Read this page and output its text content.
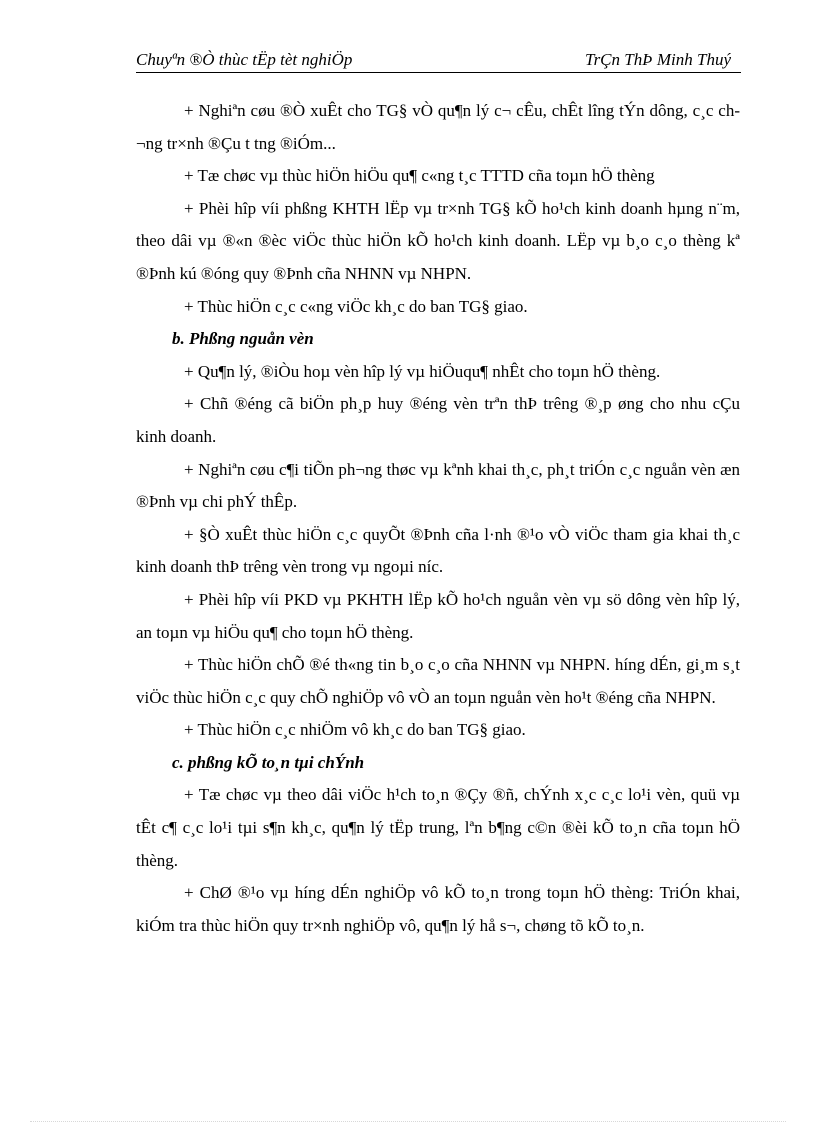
Chuyªn ®Ò thùc tËp tèt nghiÖp	TrÇn ThÞ Minh Thuý

+ Nghiªn cøu ®Ò xuÊt cho TG§ vÒ qu¶n lý c¬ cÊu, chÊt lîng tÝn dông, c¸c ch¬ng tr×nh ®Çu t tng ®iÓm...

+ Tæ chøc vµ thùc hiÖn hiÖu qu¶ c«ng t¸c TTTD cña toµn hÖ thèng

+ Phèi hîp víi phßng KHTH lËp vµ tr×nh TG§ kÕ ho¹ch kinh doanh hµng n¨m, theo dâi vµ ®«n ®èc viÖc thùc hiÖn kÕ ho¹ch kinh doanh. LËp vµ b¸o c¸o thèng kª ®Þnh kú ®óng quy ®Þnh cña NHNN vµ NHPN.

+ Thùc hiÖn c¸c c«ng viÖc kh¸c do ban TG§ giao.

b. Phßng nguån vèn

+ Qu¶n lý, ®iÒu hoµ vèn hîp lý vµ hiÖuqu¶ nhÊt cho toµn hÖ thèng.

+ Chñ ®éng cã biÖn ph¸p huy ®éng vèn trªn thÞ trêng ®¸p øng cho nhu cÇu kinh doanh.

+ Nghiªn cøu c¶i tiÕn ph¬ng thøc vµ kªnh khai th¸c, ph¸t triÓn c¸c nguån vèn æn ®Þnh vµ chi phÝ thÊp.

+ §Ò xuÊt thùc hiÖn c¸c quyÕt ®Þnh cña l·nh ®¹o vÒ viÖc tham gia khai th¸c kinh doanh thÞ trêng vèn trong vµ ngoµi níc.

+ Phèi hîp víi PKD vµ PKHTH lËp kÕ ho¹ch nguån vèn vµ sö dông vèn hîp lý, an toµn vµ hiÖu qu¶ cho toµn hÖ thèng.

+ Thùc hiÖn chÕ ®é th«ng tin b¸o c¸o cña NHNN vµ NHPN. híng dÉn, gi¸m s¸t viÖc thùc hiÖn c¸c quy chÕ nghiÖp vô vÒ an toµn nguån vèn ho¹t ®éng cña NHPN.

+ Thùc hiÖn c¸c nhiÖm vô kh¸c do ban TG§ giao.

c. phßng kÕ to¸n tµi chÝnh

+ Tæ chøc vµ theo dâi viÖc h¹ch to¸n ®Çy ®ñ, chÝnh x¸c c¸c lo¹i vèn, quü vµ tÊt c¶ c¸c lo¹i tµi s¶n kh¸c, qu¶n lý tËp trung, lªn b¶ng c©n ®èi kÕ to¸n cña toµn hÖ thèng.

+ ChØ ®¹o vµ híng dÉn nghiÖp vô kÕ to¸n trong toµn hÖ thèng: TriÓn khai, kiÓm tra thùc hiÖn quy tr×nh nghiÖp vô, qu¶n lý hå s¬, chøng tõ kÕ to¸n.
